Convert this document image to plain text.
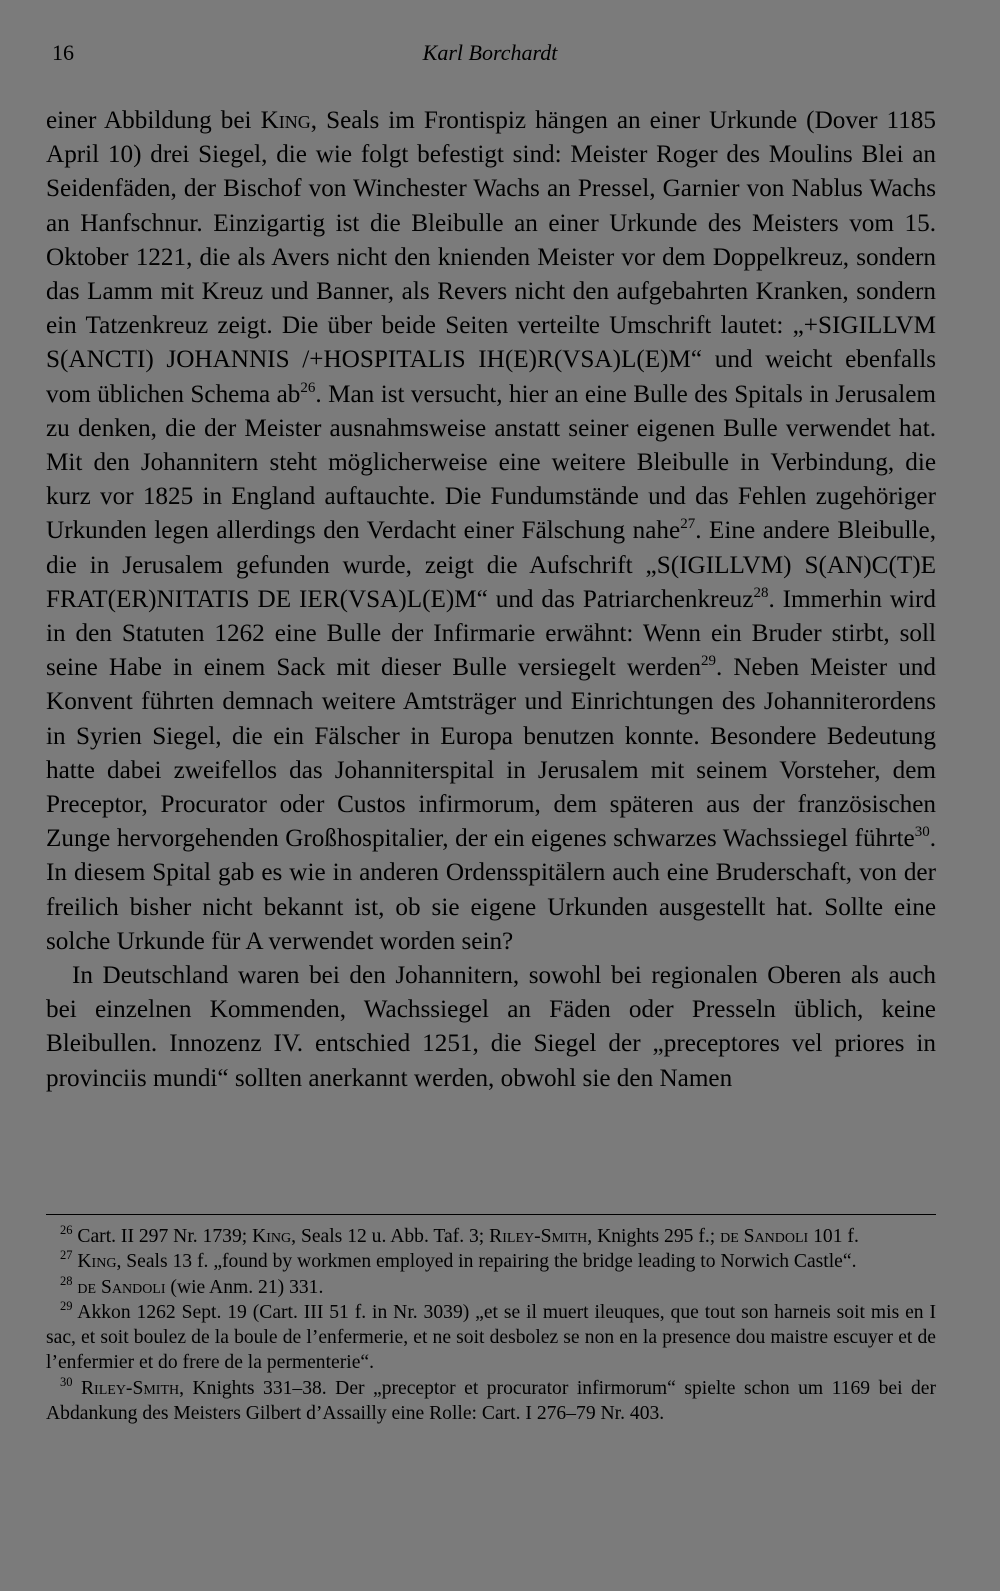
16	Karl Borchardt

einer Abbildung bei King, Seals im Frontispiz hängen an einer Urkunde (Dover 1185 April 10) drei Siegel, die wie folgt befestigt sind: Meister Roger des Moulins Blei an Seidenfäden, der Bischof von Winchester Wachs an Pressel, Garnier von Nablus Wachs an Hanfschnur. Einzigartig ist die Bleibulle an einer Urkunde des Meisters vom 15. Oktober 1221, die als Avers nicht den knienden Meister vor dem Doppelkreuz, sondern das Lamm mit Kreuz und Banner, als Revers nicht den aufgebahrten Kranken, sondern ein Tatzenkreuz zeigt. Die über beide Seiten verteilte Umschrift lautet: „+SIGILLVM S(ANCTI) JOHANNIS /+HOSPITALIS IH(E)R(VSA)L(E)M“ und weicht ebenfalls vom üblichen Schema $ab^{26}$. Man ist versucht, hier an eine Bulle des Spitals in Jerusalem zu denken, die der Meister ausnahmsweise anstatt seiner eigenen Bulle verwendet hat. Mit den Johannitern steht möglicherweise eine weitere Bleibulle in Verbindung, die kurz vor 1825 in England auftauchte. Die Fundumstände und das Fehlen zugehöriger Urkunden legen allerdings den Verdacht einer Fälschung nahe$^{27}$. Eine andere Bleibulle, die in Jerusalem gefunden wurde, zeigt die Aufschrift „S(IGILLVM) S(AN)C(T)E FRAT(ER)NITATIS DE IER(VSA)L(E)M“ und das Patriarchenkreuz$^{28}$. Immerhin wird in den Statuten 1262 eine Bulle der Infirmarie erwähnt: Wenn ein Bruder stirbt, soll seine Habe in einem Sack mit dieser Bulle versiegelt werden$^{29}$. Neben Meister und Konvent führten demnach weitere Amtsträger und Einrichtungen des Johanniterordens in Syrien Siegel, die ein Fälscher in Europa benutzen konnte. Besondere Bedeutung hatte dabei zweifellos das Johanniterspital in Jerusalem mit seinem Vorsteher, dem Preceptor, Procurator oder Custos infirmorum, dem späteren aus der französischen Zunge hervorgehenden Großhospitalier, der ein eigenes schwarzes Wachssiegel führte$^{30}$. In diesem Spital gab es wie in anderen Ordensspitälern auch eine Bruderschaft, von der freilich bisher nicht bekannt ist, ob sie eigene Urkunden ausgestellt hat. Sollte eine solche Urkunde für A verwendet worden sein?

In Deutschland waren bei den Johannitern, sowohl bei regionalen Oberen als auch bei einzelnen Kommenden, Wachssiegel an Fäden oder Presseln üblich, keine Bleibullen. Innozenz IV. entschied 1251, die Siegel der „preceptores vel priores in provinciis mundi“ sollten anerkannt werden, obwohl sie den Namen

$^{26}$ Cart. II 297 Nr. 1739; King, Seals 12 u. Abb. Taf. 3; Riley-Smith, Knights 295 f.; de Sandoli 101 f.

$^{27}$ King, Seals 13 f. „found by workmen employed in repairing the bridge leading to Norwich Castle“.

$^{28}$ de Sandoli (wie Anm. 21) 331.

$^{29}$ Akkon 1262 Sept. 19 (Cart. III 51 f. in Nr. 3039) „et se il muert ileuques, que tout son harneis soit mis en I sac, et soit boulez de la boule de l’enfermerie, et ne soit desbolez se non en la presence dou maistre escuyer et de l’enfermier et do frere de la permenterie“.

$^{30}$ Riley-Smith, Knights 331–38. Der „preceptor et procurator infirmorum“ spielte schon um 1169 bei der Abdankung des Meisters Gilbert d’Assailly eine Rolle: Cart. I 276–79 Nr. 403.
